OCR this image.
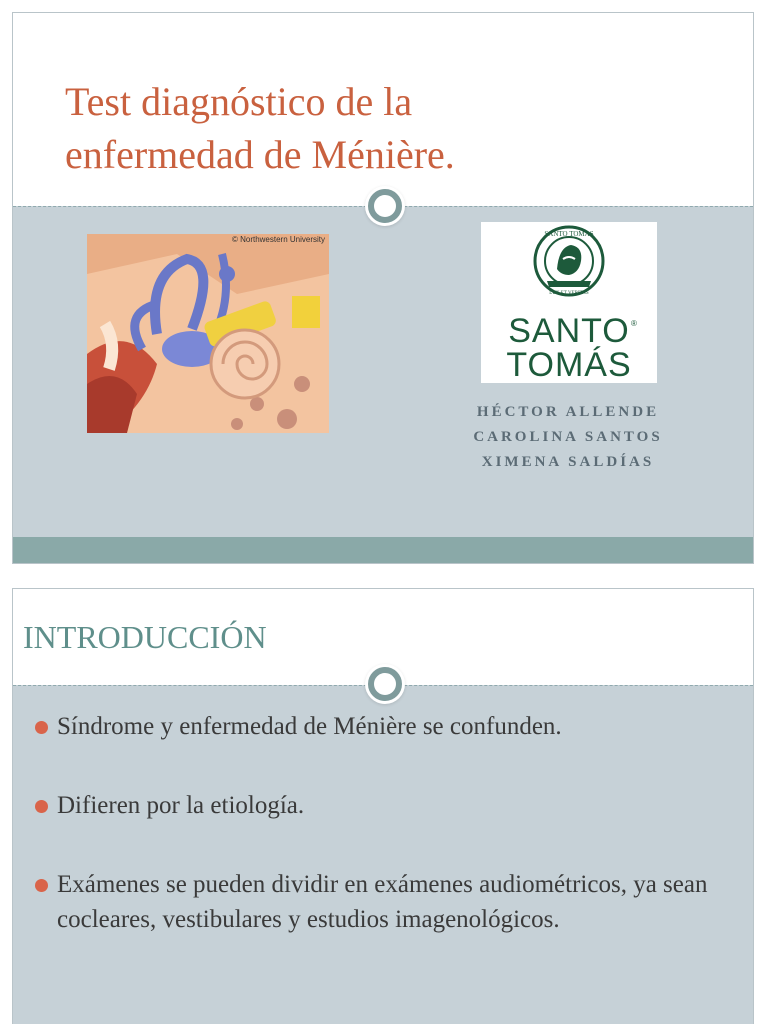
Test diagnóstico de la
enfermedad de Ménière.
© Northwestern University
SANTO TOMAS
LUX ET VERITAS
SANTO ®
TOMÁS
HÉCTOR ALLENDE
CAROLINA SANTOS
XIMENA SALDÍAS
INTRODUCCIÓN
Síndrome y enfermedad de Ménière se confunden.
Difieren por la etiología.
Exámenes se pueden dividir en exámenes audiométricos, ya sean cocleares, vestibulares y estudios imagenológicos.
